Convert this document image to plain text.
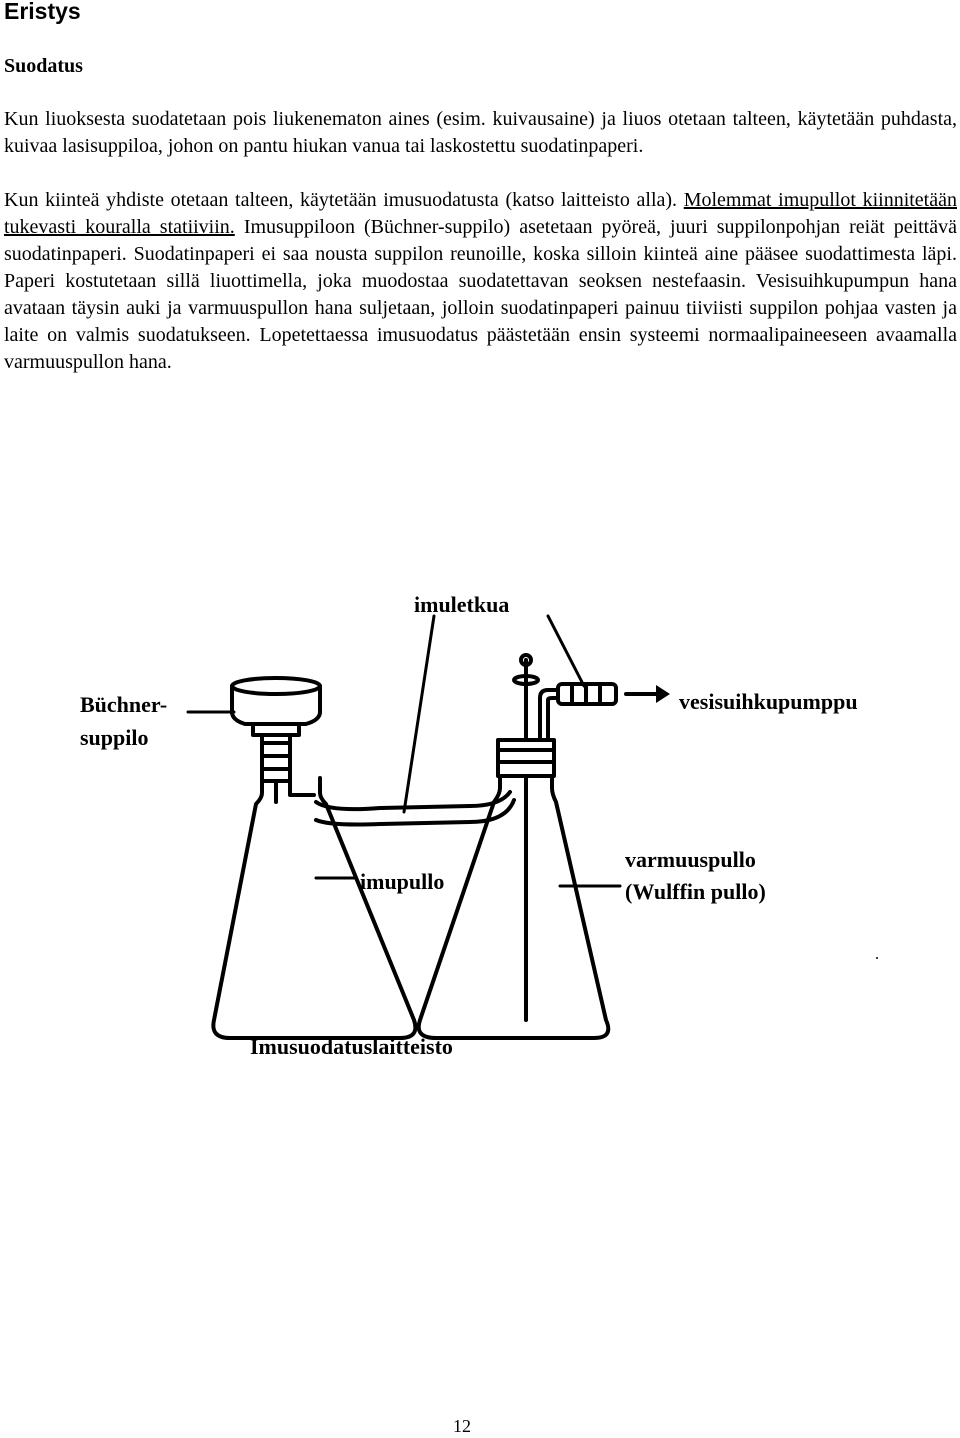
Eristys
Suodatus

Kun liuoksesta suodatetaan pois liukenematon aines (esim. kuivausaine) ja liuos otetaan talteen, käytetään puhdasta, kuivaa lasisuppiloa, johon on pantu hiukan vanua tai laskostettu suodatinpaperi.

Kun kiinteä yhdiste otetaan talteen, käytetään imusuodatusta (katso laitteisto alla). Molemmat imupullot kiinnitetään tukevasti kouralla statiiviin. Imusuppiloon (Büchner-suppilo) asetetaan pyöreä, juuri suppilonpohjan reiät peittävä suodatinpaperi. Suodatinpaperi ei saa nousta suppilon reunoille, koska silloin kiinteä aine pääsee suodattimesta läpi. Paperi kostutetaan sillä liuottimella, joka muodostaa suodatettavan seoksen nestefaasin. Vesisuihkupumpun hana avataan täysin auki ja varmuuspullon hana suljetaan, jolloin suodatinpaperi painuu tiiviisti suppilon pohjaa vasten ja laite on valmis suodatukseen. Lopetettaessa imusuodatus päästetään ensin systeemi normaalipaineeseen avaamalla varmuuspullon hana.

imuletkua
Büchner-
suppilo
vesisuihkupumppu
imupullo
varmuuspullo
(Wulffin pullo)
Imusuodatuslaitteisto
12
